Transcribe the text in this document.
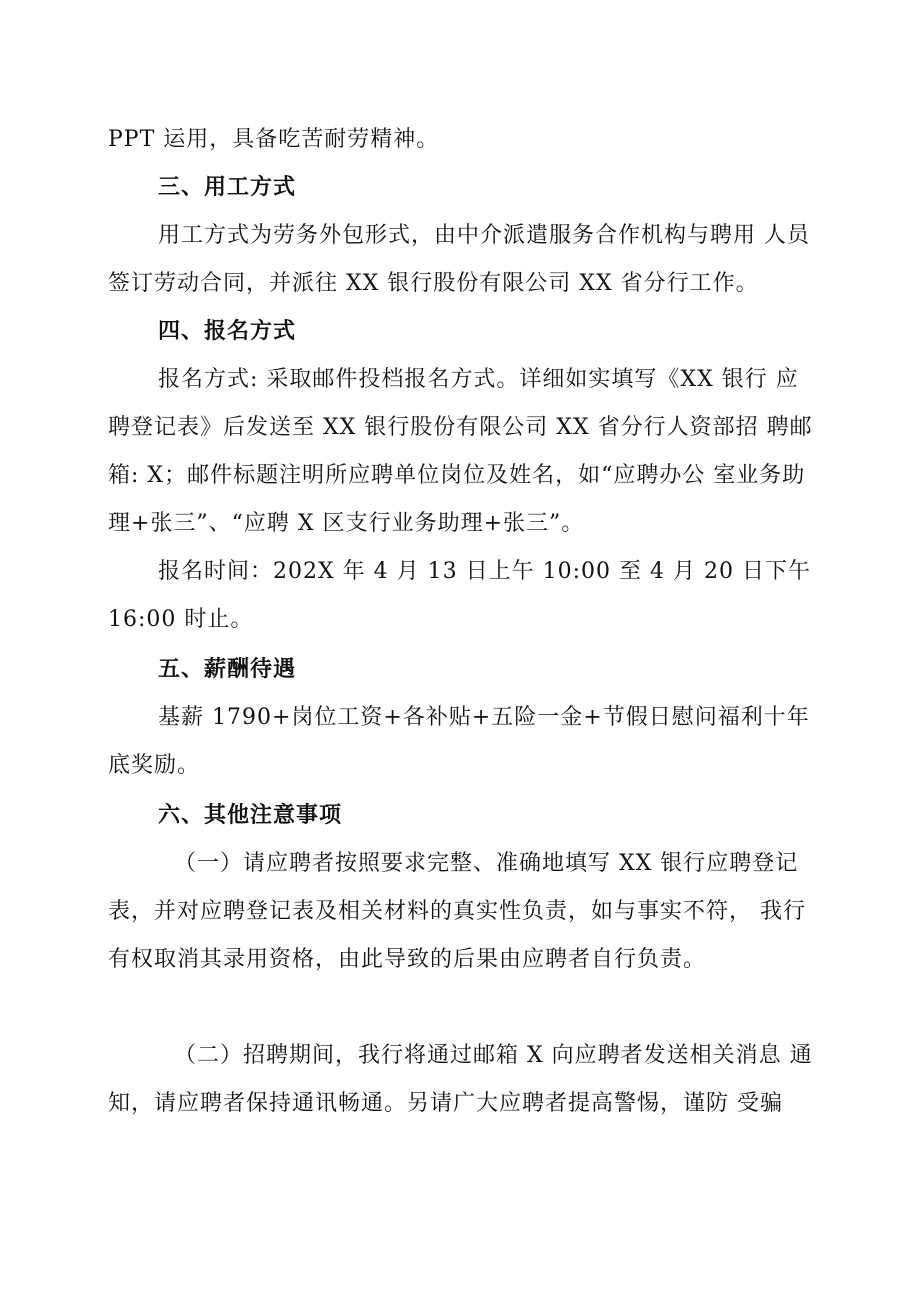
PPT 运用，具备吃苦耐劳精神。
三、用工方式
用工方式为劳务外包形式，由中介派遣服务合作机构与聘用 人员签订劳动合同，并派往 XX 银行股份有限公司 XX 省分行工作。
四、报名方式
报名方式: 采取邮件投档报名方式。详细如实填写《XX 银行 应聘登记表》后发送至 XX 银行股份有限公司 XX 省分行人资部招 聘邮箱: X；邮件标题注明所应聘单位岗位及姓名，如“应聘办公 室业务助理+张三”、“应聘 X 区支行业务助理+张三”。
报名时间：202X 年 4 月 13 日上午 10:00 至 4 月 20 日下午 16:00 时止。
五、薪酬待遇
基薪 1790+岗位工资+各补贴+五险一金+节假日慰问福利十年 底奖励。
六、其他注意事项
（一）请应聘者按照要求完整、准确地填写 XX 银行应聘登记 表，并对应聘登记表及相关材料的真实性负责，如与事实不符， 我行有权取消其录用资格，由此导致的后果由应聘者自行负责。
（二）招聘期间，我行将通过邮箱 X 向应聘者发送相关消息 通知，请应聘者保持通讯畅通。另请广大应聘者提高警惕，谨防 受骗
